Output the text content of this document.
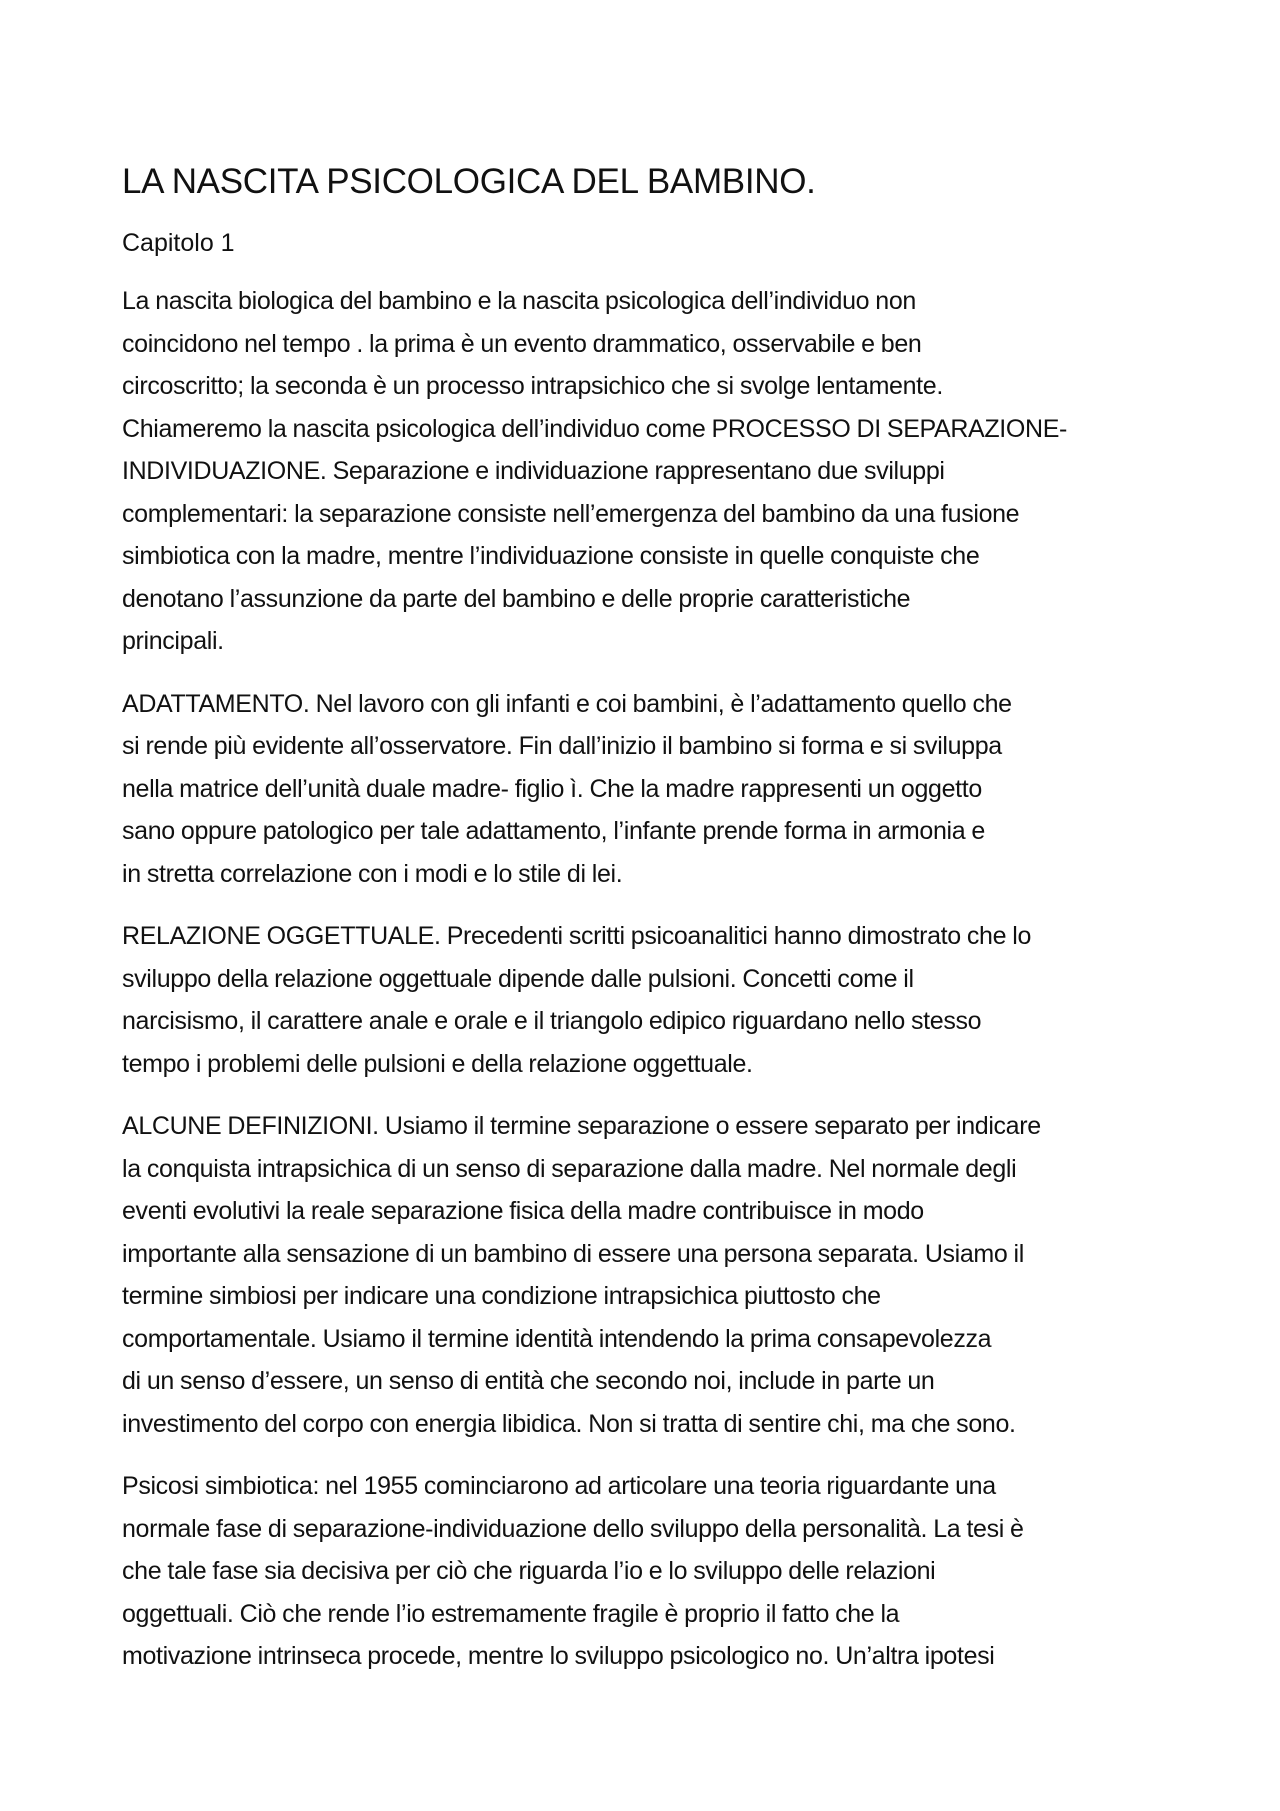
LA NASCITA PSICOLOGICA DEL BAMBINO.

Capitolo 1

La nascita biologica del bambino e la nascita psicologica dell’individuo non
coincidono nel tempo . la prima è un evento drammatico, osservabile e ben
circoscritto; la seconda è un processo intrapsichico che si svolge lentamente.
Chiameremo la nascita psicologica dell’individuo come PROCESSO DI SEPARAZIONE-
INDIVIDUAZIONE. Separazione e individuazione rappresentano due sviluppi
complementari: la separazione consiste nell’emergenza del bambino da una fusione
simbiotica con la madre, mentre l’individuazione consiste in quelle conquiste che
denotano l’assunzione da parte del bambino e delle proprie caratteristiche
principali.

ADATTAMENTO. Nel lavoro con gli infanti e coi bambini, è l’adattamento quello che
si rende più evidente all’osservatore. Fin dall’inizio il bambino si forma e si sviluppa
nella matrice dell’unità duale madre- figlio ì. Che la madre rappresenti un oggetto
sano oppure patologico per tale adattamento, l’infante prende forma in armonia e
in stretta correlazione con i modi e lo stile di lei.

RELAZIONE OGGETTUALE. Precedenti scritti psicoanalitici hanno dimostrato che lo
sviluppo della relazione oggettuale dipende dalle pulsioni. Concetti come il
narcisismo, il carattere anale e orale e il triangolo edipico riguardano nello stesso
tempo i problemi delle pulsioni e della relazione oggettuale.

ALCUNE DEFINIZIONI. Usiamo il termine separazione o essere separato per indicare
la conquista intrapsichica di un senso di separazione dalla madre. Nel normale degli
eventi evolutivi la reale separazione fisica della madre contribuisce in modo
importante alla sensazione di un bambino di essere una persona separata. Usiamo il
termine simbiosi per indicare una condizione intrapsichica piuttosto che
comportamentale. Usiamo il termine identità intendendo la prima consapevolezza
di un senso d’essere, un senso di entità che secondo noi, include in parte un
investimento del corpo con energia libidica. Non si tratta di sentire chi, ma che sono.

Psicosi simbiotica: nel 1955 cominciarono ad articolare una teoria riguardante una
normale fase di separazione-individuazione dello sviluppo della personalità. La tesi è
che tale fase sia decisiva per ciò che riguarda l’io e lo sviluppo delle relazioni
oggettuali. Ciò che rende l’io estremamente fragile è proprio il fatto che la
motivazione intrinseca procede, mentre lo sviluppo psicologico no. Un’altra ipotesi
